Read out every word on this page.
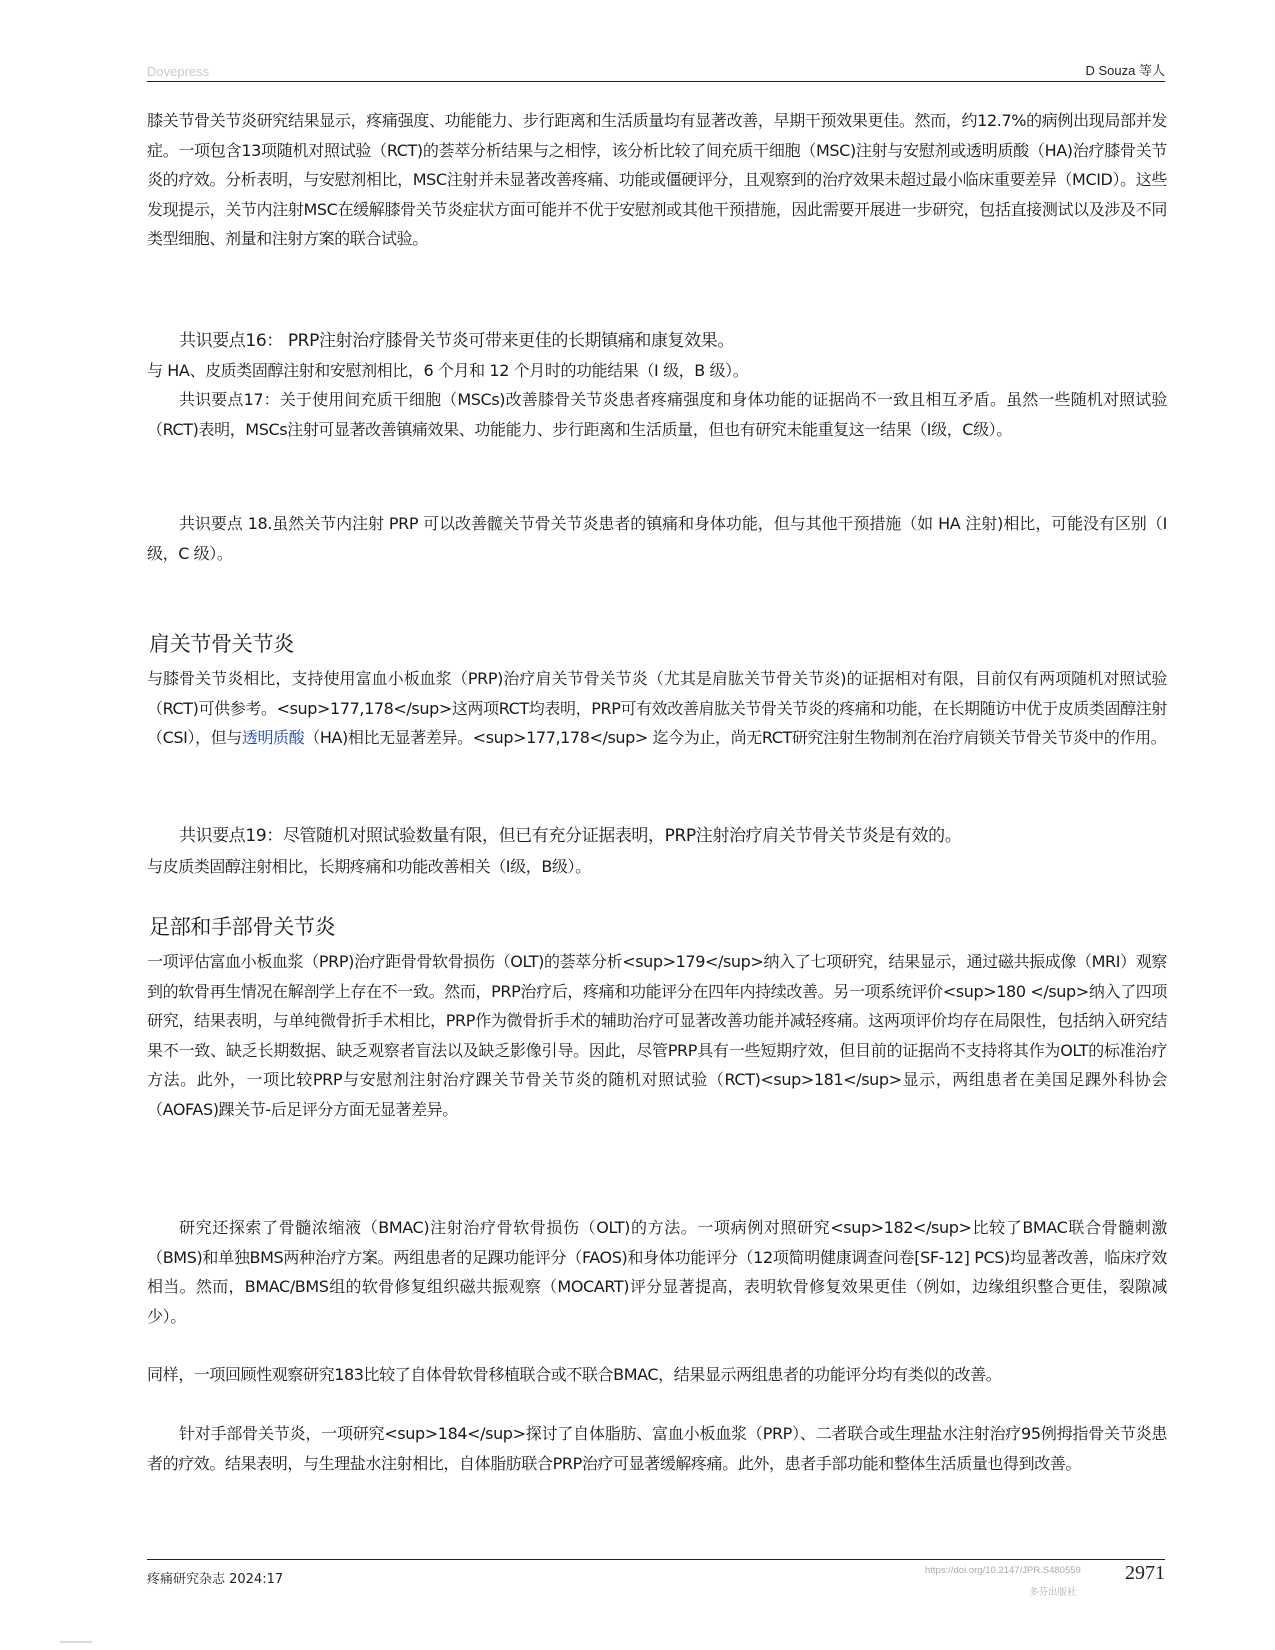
Dovepress	D Souza 等人

膝关节骨关节炎研究结果显示，疼痛强度、功能能力、步行距离和生活质量均有显著改善，早期干预效果更佳。然而，约12.7%的病例出现局部并发症。一项包含13项随机对照试验（RCT)的荟萃分析结果与之相悖，该分析比较了间充质干细胞（MSC)注射与安慰剂或透明质酸（HA)治疗膝骨关节炎的疗效。分析表明，与安慰剂相比，MSC注射并未显著改善疼痛、功能或僵硬评分，且观察到的治疗效果未超过最小临床重要差异（MCID）。这些发现提示，关节内注射MSC在缓解膝骨关节炎症状方面可能并不优于安慰剂或其他干预措施，因此需要开展进一步研究，包括直接测试以及涉及不同类型细胞、剂量和注射方案的联合试验。

共识要点16： PRP注射治疗膝骨关节炎可带来更佳的长期镇痛和康复效果。

与 HA、皮质类固醇注射和安慰剂相比，6 个月和 12 个月时的功能结果（I 级，B 级）。

共识要点17：关于使用间充质干细胞（MSCs)改善膝骨关节炎患者疼痛强度和身体功能的证据尚不一致且相互矛盾。虽然一些随机对照试验（RCT)表明，MSCs注射可显著改善镇痛效果、功能能力、步行距离和生活质量，但也有研究未能重复这一结果（I级，C级）。

共识要点 18.虽然关节内注射 PRP 可以改善髋关节骨关节炎患者的镇痛和身体功能，但与其他干预措施（如 HA 注射)相比，可能没有区别（I 级，C 级）。

肩关节骨关节炎

与膝骨关节炎相比，支持使用富血小板血浆（PRP)治疗肩关节骨关节炎（尤其是肩肱关节骨关节炎)的证据相对有限，目前仅有两项随机对照试验（RCT)可供参考。<sup>177,178</sup>这两项RCT均表明，PRP可有效改善肩肱关节骨关节炎的疼痛和功能，在长期随访中优于皮质类固醇注射（CSI），但与透明质酸（HA)相比无显著差异。<sup>177,178</sup> 迄今为止，尚无RCT研究注射生物制剂在治疗肩锁关节骨关节炎中的作用。

共识要点19：尽管随机对照试验数量有限，但已有充分证据表明，PRP注射治疗肩关节骨关节炎是有效的。

与皮质类固醇注射相比，长期疼痛和功能改善相关（I级，B级）。

足部和手部骨关节炎

一项评估富血小板血浆（PRP)治疗距骨骨软骨损伤（OLT)的荟萃分析<sup>179</sup>纳入了七项研究，结果显示，通过磁共振成像（MRI）观察到的软骨再生情况在解剖学上存在不一致。然而，PRP治疗后，疼痛和功能评分在四年内持续改善。另一项系统评价<sup>180 </sup>纳入了四项研究，结果表明，与单纯微骨折手术相比，PRP作为微骨折手术的辅助治疗可显著改善功能并减轻疼痛。这两项评价均存在局限性，包括纳入研究结果不一致、缺乏长期数据、缺乏观察者盲法以及缺乏影像引导。因此，尽管PRP具有一些短期疗效，但目前的证据尚不支持将其作为OLT的标准治疗方法。此外，一项比较PRP与安慰剂注射治疗踝关节骨关节炎的随机对照试验（RCT)<sup>181</sup>显示，两组患者在美国足踝外科协会（AOFAS)踝关节-后足评分方面无显著差异。

研究还探索了骨髓浓缩液（BMAC)注射治疗骨软骨损伤（OLT)的方法。一项病例对照研究<sup>182</sup>比较了BMAC联合骨髓刺激（BMS)和单独BMS两种治疗方案。两组患者的足踝功能评分（FAOS)和身体功能评分（12项简明健康调查问卷[SF-12] PCS)均显著改善，临床疗效相当。然而，BMAC/BMS组的软骨修复组织磁共振观察（MOCART)评分显著提高，表明软骨修复效果更佳（例如，边缘组织整合更佳，裂隙减少）。

同样，一项回顾性观察研究183比较了自体骨软骨移植联合或不联合BMAC，结果显示两组患者的功能评分均有类似的改善。

针对手部骨关节炎，一项研究<sup>184</sup>探讨了自体脂肪、富血小板血浆（PRP）、二者联合或生理盐水注射治疗95例拇指骨关节炎患者的疗效。结果表明，与生理盐水注射相比，自体脂肪联合PRP治疗可显著缓解疼痛。此外，患者手部功能和整体生活质量也得到改善。

疼痛研究杂志 2024:17
https://doi.org/10.2147/JPR.S480559
多芬出版社
2971
